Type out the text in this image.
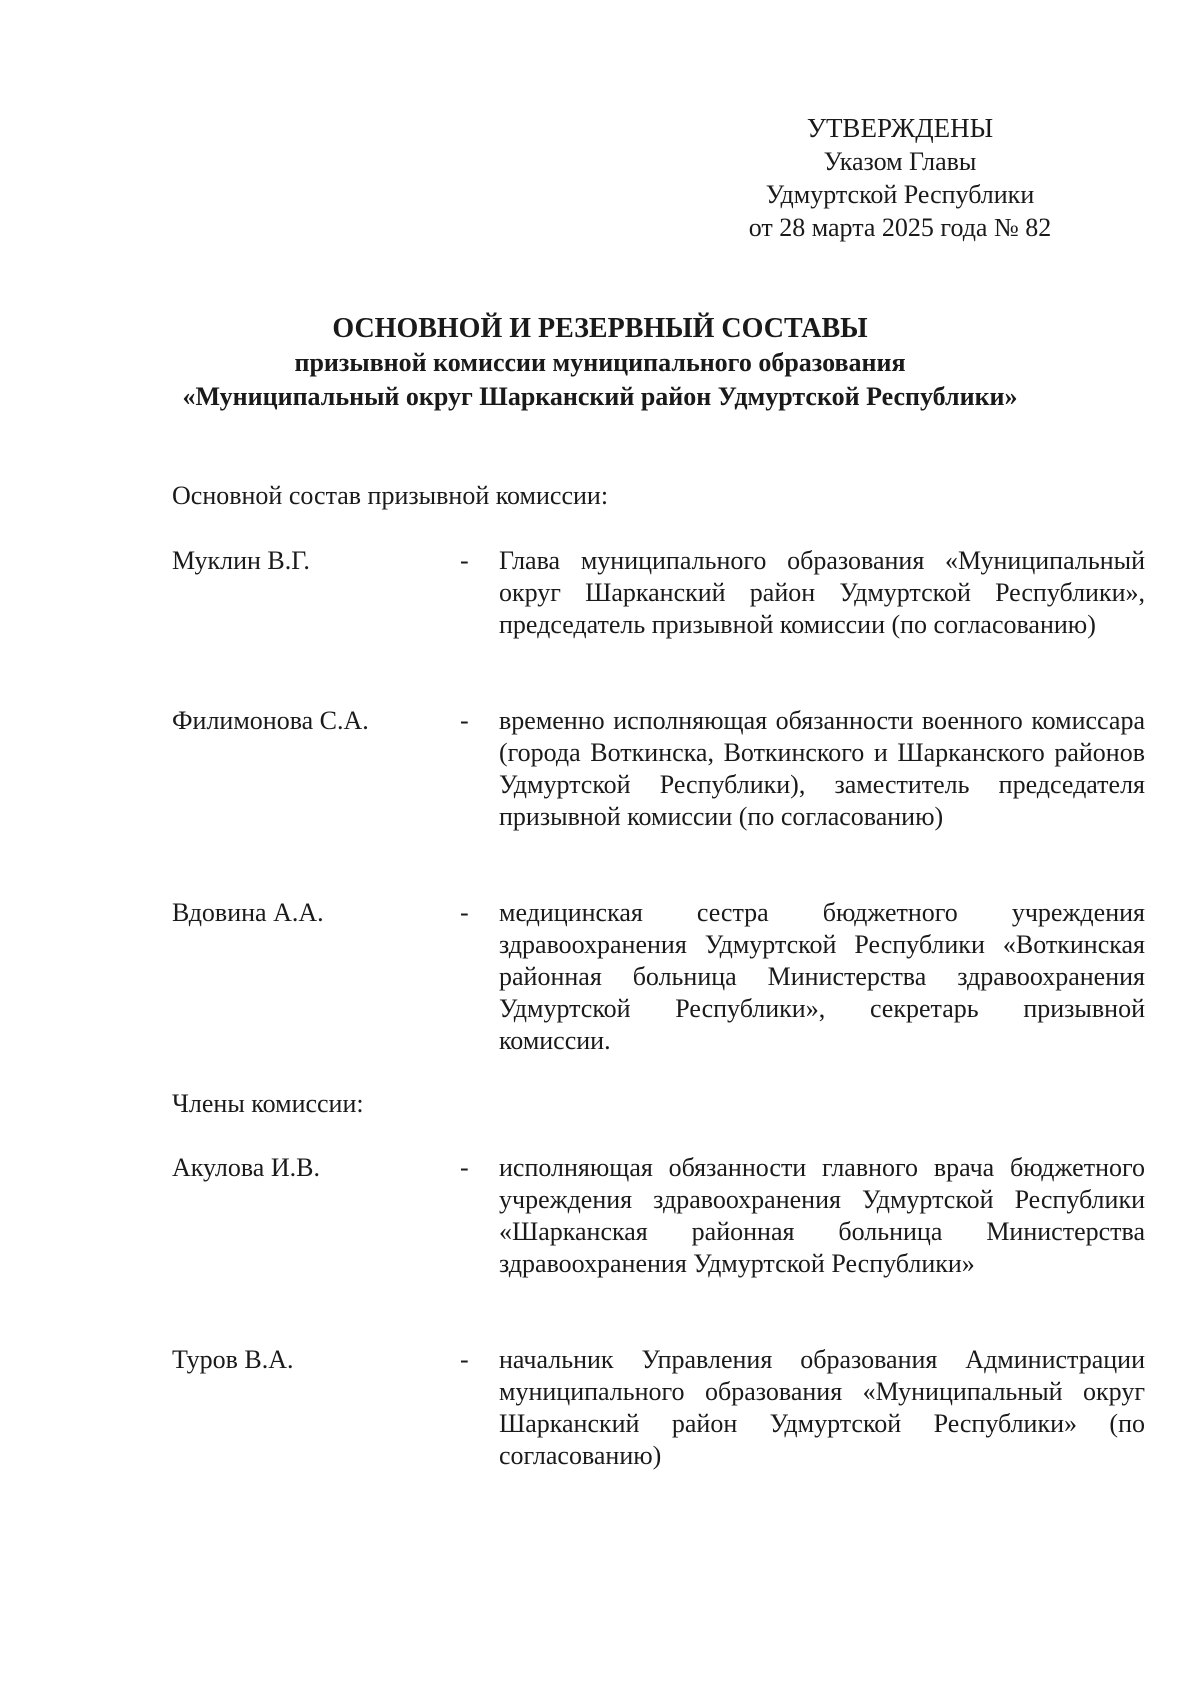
УТВЕРЖДЕНЫ
Указом Главы
Удмуртской Республики
от 28 марта 2025 года № 82
ОСНОВНОЙ И РЕЗЕРВНЫЙ СОСТАВЫ
призывной комиссии муниципального образования
«Муниципальный округ Шарканский район Удмуртской Республики»
Основной состав призывной комиссии:
Муклин В.Г.	- Глава муниципального образования «Муниципальный округ Шарканский район Удмуртской Республики», председатель призывной комиссии (по согласованию)
Филимонова С.А.	- временно исполняющая обязанности военного комиссара (города Воткинска, Воткинского и Шарканского районов Удмуртской Республики), заместитель председателя призывной комиссии (по согласованию)
Вдовина А.А.	- медицинская сестра бюджетного учреждения здравоохранения Удмуртской Республики «Воткинская районная больница Министерства здравоохранения Удмуртской Республики», секретарь призывной комиссии.
Члены комиссии:
Акулова И.В.	- исполняющая обязанности главного врача бюджетного учреждения здравоохранения Удмуртской Республики «Шарканская районная больница Министерства здравоохранения Удмуртской Республики»
Туров В.А.	- начальник Управления образования Администрации муниципального образования «Муниципальный округ Шарканский район Удмуртской Республики» (по согласованию)
